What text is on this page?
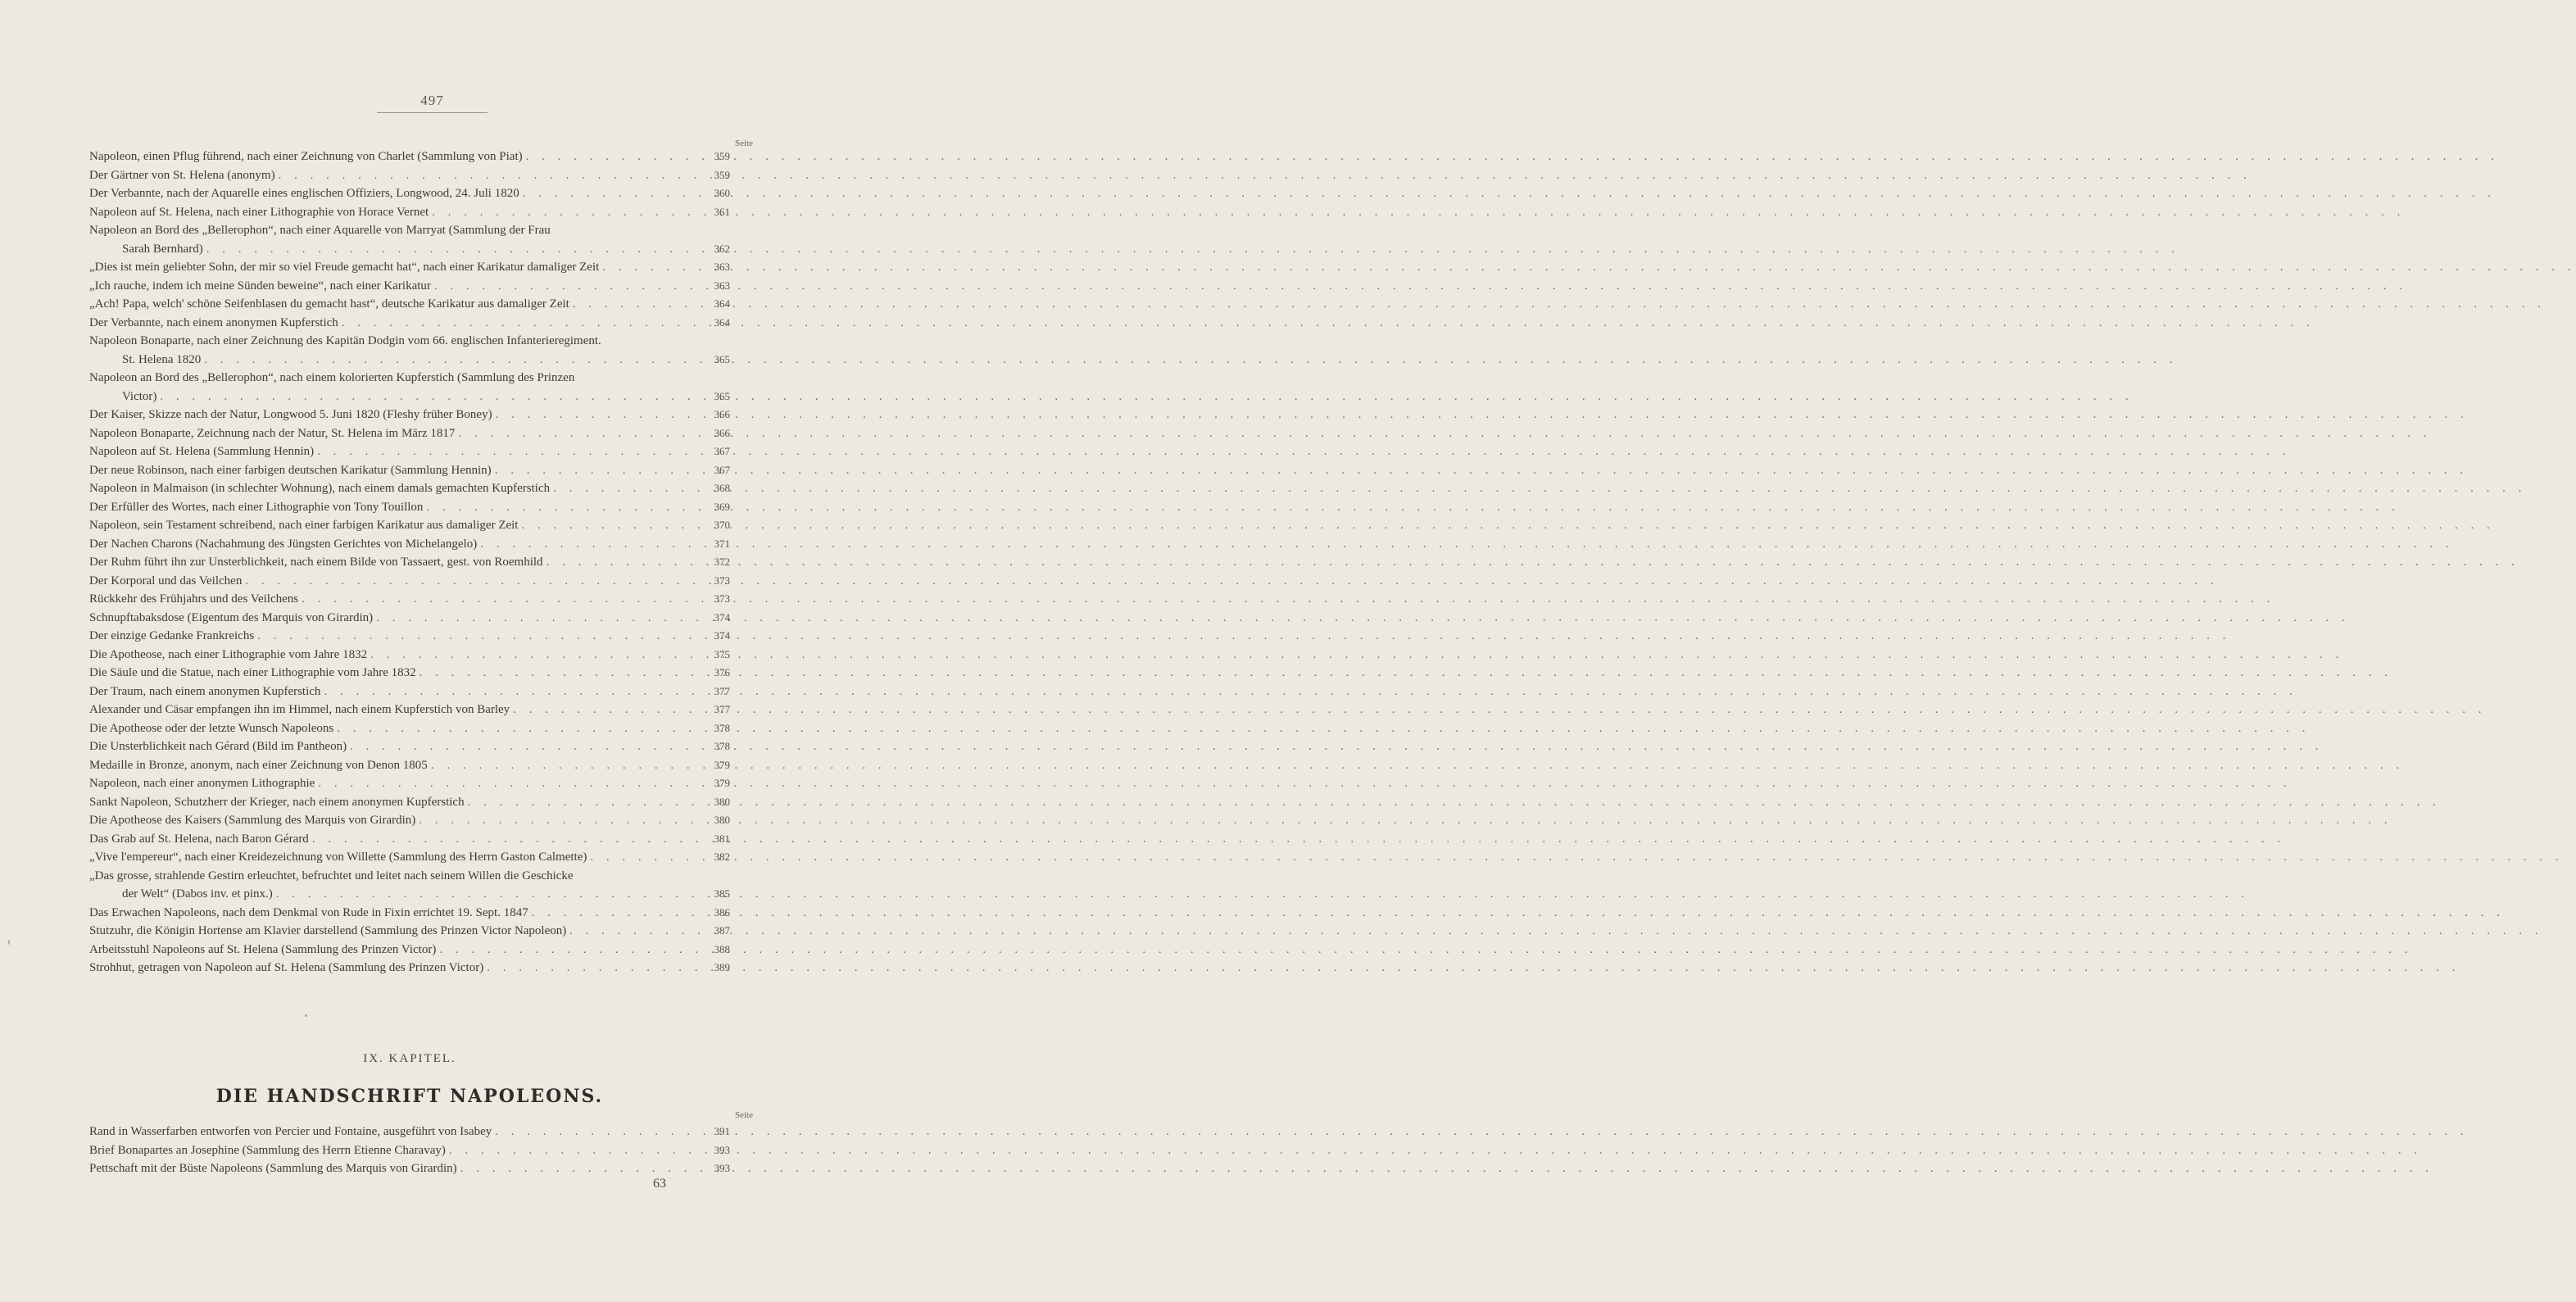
497
Seite
Napoleon, einen Pflug führend, nach einer Zeichnung von Charlet (Sammlung von Piat) . . .	359
Der Gärtner von St. Helena (anonym) . . .	359
Der Verbannte, nach der Aquarelle eines englischen Offiziers, Longwood, 24. Juli 1820 . . .	360
Napoleon auf St. Helena, nach einer Lithographie von Horace Vernet . . .	361
Napoleon an Bord des „Bellerophon“, nach einer Aquarelle von Marryat (Sammlung der Frau
Sarah Bernhard) . . .	362
„Dies ist mein geliebter Sohn, der mir so viel Freude gemacht hat“, nach einer Karikatur damaliger Zeit . . .	363
„Ich rauche, indem ich meine Sünden beweine“, nach einer Karikatur . . .	363
„Ach! Papa, welch' schöne Seifenblasen du gemacht hast“, deutsche Karikatur aus damaliger Zeit . . .	364
Der Verbannte, nach einem anonymen Kupferstich . . .	364
Napoleon Bonaparte, nach einer Zeichnung des Kapitän Dodgin vom 66. englischen Infanterieregiment.
St. Helena 1820 . . .	365
Napoleon an Bord des „Bellerophon“, nach einem kolorierten Kupferstich (Sammlung des Prinzen
Victor) . . .	365
Der Kaiser, Skizze nach der Natur, Longwood 5. Juni 1820 (Fleshy früher Boney) . . .	366
Napoleon Bonaparte, Zeichnung nach der Natur, St. Helena im März 1817 . . .	366
Napoleon auf St. Helena (Sammlung Hennin) . . .	367
Der neue Robinson, nach einer farbigen deutschen Karikatur (Sammlung Hennin) . . .	367
Napoleon in Malmaison (in schlechter Wohnung), nach einem damals gemachten Kupferstich . . .	368
Der Erfüller des Wortes, nach einer Lithographie von Tony Touillon . . .	369
Napoleon, sein Testament schreibend, nach einer farbigen Karikatur aus damaliger Zeit . . .	370
Der Nachen Charons (Nachahmung des Jüngsten Gerichtes von Michelangelo) . . .	371
Der Ruhm führt ihn zur Unsterblichkeit, nach einem Bilde von Tassaert, gest. von Roemhild . . .	372
Der Korporal und das Veilchen . . .	373
Rückkehr des Frühjahrs und des Veilchens . . .	373
Schnupftabaksdose (Eigentum des Marquis von Girardin) . . .	374
Der einzige Gedanke Frankreichs . . .	374
Die Apotheose, nach einer Lithographie vom Jahre 1832 . . .	375
Die Säule und die Statue, nach einer Lithographie vom Jahre 1832 . . .	376
Der Traum, nach einem anonymen Kupferstich . . .	377
Alexander und Cäsar empfangen ihn im Himmel, nach einem Kupferstich von Barley . . .	377
Die Apotheose oder der letzte Wunsch Napoleons . . .	378
Die Unsterblichkeit nach Gérard (Bild im Pantheon) . . .	378
Medaille in Bronze, anonym, nach einer Zeichnung von Denon 1805 . . .	379
Napoleon, nach einer anonymen Lithographie . . .	379
Sankt Napoleon, Schutzherr der Krieger, nach einem anonymen Kupferstich . . .	380
Die Apotheose des Kaisers (Sammlung des Marquis von Girardin) . . .	380
Das Grab auf St. Helena, nach Baron Gérard . . .	381
„Vive l'empereur“, nach einer Kreidezeichnung von Willette (Sammlung des Herrn Gaston Calmette) . . .	382
„Das grosse, strahlende Gestirn erleuchtet, befruchtet und leitet nach seinem Willen die Geschicke
der Welt“ (Dabos inv. et pinx.) . . .	385
Das Erwachen Napoleons, nach dem Denkmal von Rude in Fixin errichtet 19. Sept. 1847 . . .	386
Stutzuhr, die Königin Hortense am Klavier darstellend (Sammlung des Prinzen Victor Napoleon) . . .	387
Arbeitsstuhl Napoleons auf St. Helena (Sammlung des Prinzen Victor) . . .	388
Strohhut, getragen von Napoleon auf St. Helena (Sammlung des Prinzen Victor) . . .	389
IX. KAPITEL.
DIE HANDSCHRIFT NAPOLEONS.
Seite
Rand in Wasserfarben entworfen von Percier und Fontaine, ausgeführt von Isabey . . .	391
Brief Bonapartes an Josephine (Sammlung des Herrn Etienne Charavay) . . .	393
Pettschaft mit der Büste Napoleons (Sammlung des Marquis von Girardin) . . .	393
63
